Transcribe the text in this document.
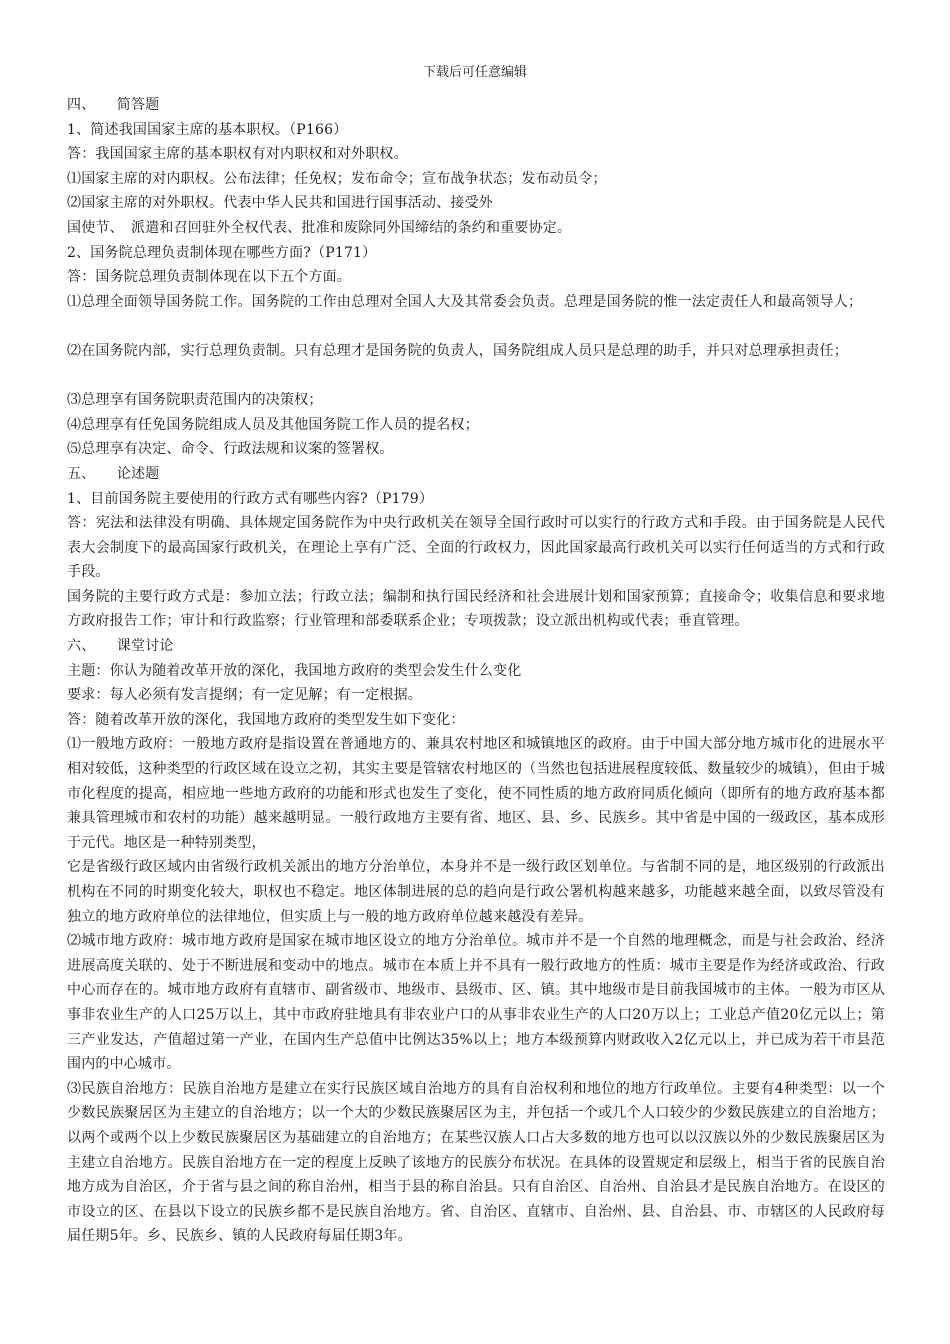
下载后可任意编辑

四、　　简答题

1、简述我国国家主席的基本职权。（P166）

答：我国国家主席的基本职权有对内职权和对外职权。

⑴国家主席的对内职权。公布法律；任免权；发布命令；宣布战争状态；发布动员令；

⑵国家主席的对外职权。代表中华人民共和国进行国事活动、接受外

国使节、　派遣和召回驻外全权代表、批准和废除同外国缔结的条约和重要协定。

2、国务院总理负责制体现在哪些方面?（P171）

答：国务院总理负责制体现在以下五个方面。

⑴总理全面领导国务院工作。国务院的工作由总理对全国人大及其常委会负责。总理是国务院的惟一法定责任人和最高领导人；

⑵在国务院内部，实行总理负责制。只有总理才是国务院的负责人，国务院组成人员只是总理的助手，并只对总理承担责任；

⑶总理享有国务院职责范围内的决策权；

⑷总理享有任免国务院组成人员及其他国务院工作人员的提名权；

⑸总理享有决定、命令、行政法规和议案的签署权。

五、　　论述题

1、目前国务院主要使用的行政方式有哪些内容?（P179）

答：宪法和法律没有明确、具体规定国务院作为中央行政机关在领导全国行政时可以实行的行政方式和手段。由于国务院是人民代表大会制度下的最高国家行政机关，在理论上享有广泛、全面的行政权力，因此国家最高行政机关可以实行任何适当的方式和行政手段。

国务院的主要行政方式是：参加立法；行政立法；编制和执行国民经济和社会进展计划和国家预算；直接命令；收集信息和要求地方政府报告工作；审计和行政监察；行业管理和部委联系企业；专项拨款；设立派出机构或代表；垂直管理。

六、　　课堂讨论

主题：你认为随着改革开放的深化，我国地方政府的类型会发生什么变化

要求：每人必须有发言提纲；有一定见解；有一定根据。

答：随着改革开放的深化，我国地方政府的类型发生如下变化：

⑴一般地方政府：一般地方政府是指设置在普通地方的、兼具农村地区和城镇地区的政府。由于中国大部分地方城市化的进展水平相对较低，这种类型的行政区域在设立之初，其实主要是管辖农村地区的（当然也包括进展程度较低、数量较少的城镇），但由于城市化程度的提高，相应地一些地方政府的功能和形式也发生了变化，使不同性质的地方政府同质化倾向（即所有的地方政府基本都兼具管理城市和农村的功能）越来越明显。一般行政地方主要有省、地区、县、乡、民族乡。其中省是中国的一级政区，基本成形于元代。地区是一种特别类型，

它是省级行政区域内由省级行政机关派出的地方分治单位，本身并不是一级行政区划单位。与省制不同的是，地区级别的行政派出机构在不同的时期变化较大，职权也不稳定。地区体制进展的总的趋向是行政公署机构越来越多，功能越来越全面，以致尽管没有独立的地方政府单位的法律地位，但实质上与一般的地方政府单位越来越没有差异。

⑵城市地方政府：城市地方政府是国家在城市地区设立的地方分治单位。城市并不是一个自然的地理概念，而是与社会政治、经济进展高度关联的、处于不断进展和变动中的地点。城市在本质上并不具有一般行政地方的性质：城市主要是作为经济或政治、行政中心而存在的。城市地方政府有直辖市、副省级市、地级市、县级市、区、镇。其中地级市是目前我国城市的主体。一般为市区从事非农业生产的人口25万以上，其中市政府驻地具有非农业户口的从事非农业生产的人口20万以上；工业总产值20亿元以上；第三产业发达，产值超过第一产业，在国内生产总值中比例达35%以上；地方本级预算内财政收入2亿元以上，并已成为若干市县范围内的中心城市。

⑶民族自治地方：民族自治地方是建立在实行民族区域自治地方的具有自治权利和地位的地方行政单位。主要有4种类型：以一个少数民族聚居区为主建立的自治地方；以一个大的少数民族聚居区为主，并包括一个或几个人口较少的少数民族建立的自治地方；以两个或两个以上少数民族聚居区为基础建立的自治地方；在某些汉族人口占大多数的地方也可以以汉族以外的少数民族聚居区为主建立自治地方。民族自治地方在一定的程度上反映了该地方的民族分布状况。在具体的设置规定和层级上，相当于省的民族自治地方成为自治区，介于省与县之间的称自治州，相当于县的称自治县。只有自治区、自治州、自治县才是民族自治地方。在设区的市设立的区、在县以下设立的民族乡都不是民族自治地方。省、自治区、直辖市、自治州、县、自治县、市、市辖区的人民政府每届任期5年。乡、民族乡、镇的人民政府每届任期3年。
